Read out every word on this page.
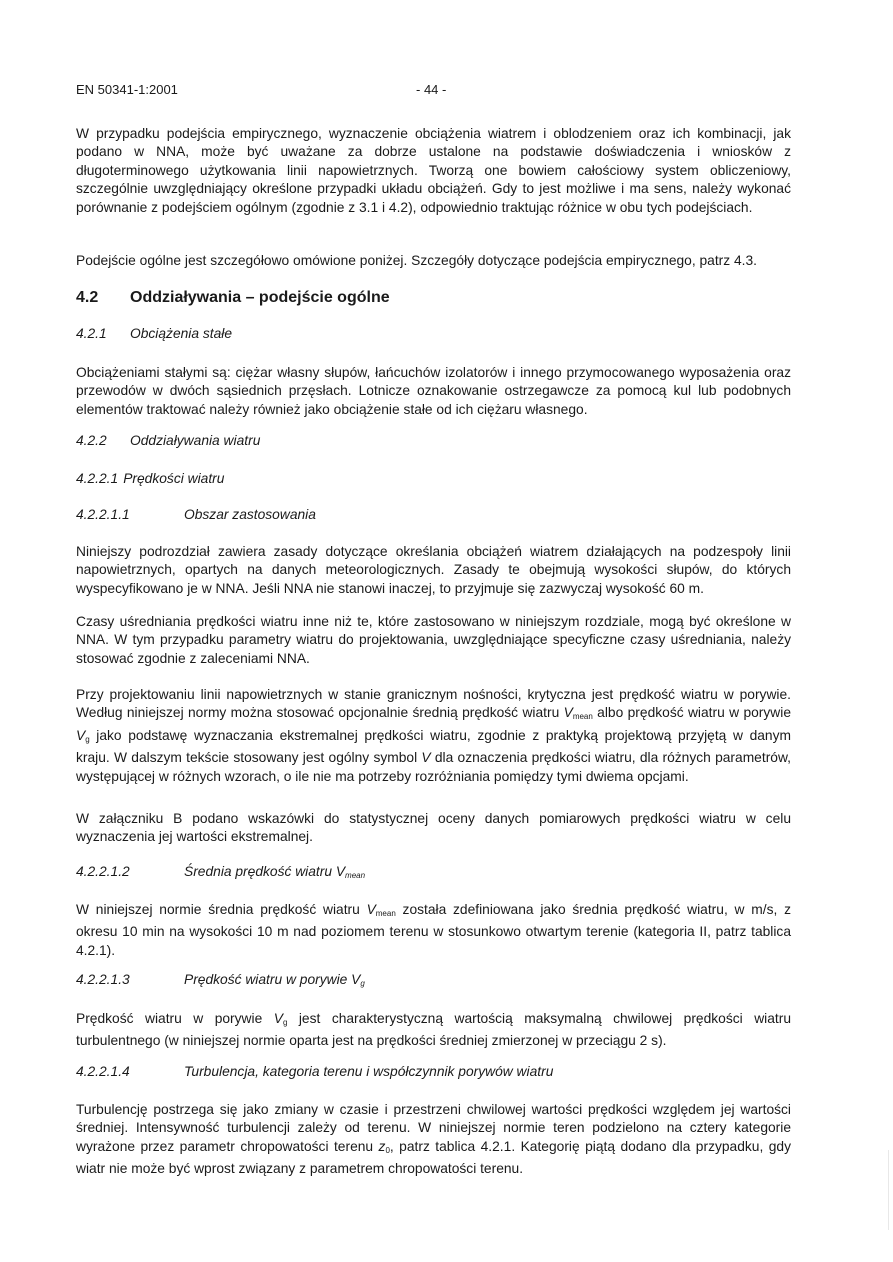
EN 50341-1:2001	- 44 -

W przypadku podejścia empirycznego, wyznaczenie obciążenia wiatrem i oblodzeniem oraz ich kombinacji, jak podano w NNA, może być uważane za dobrze ustalone na podstawie doświadczenia i wniosków z długoterminowego użytkowania linii napowietrznych. Tworzą one bowiem całościowy system obliczeniowy, szczególnie uwzględniający określone przypadki układu obciążeń. Gdy to jest możliwe i ma sens, należy wykonać porównanie z podejściem ogólnym (zgodnie z 3.1 i 4.2), odpowiednio traktując różnice w obu tych podejściach.

Podejście ogólne jest szczegółowo omówione poniżej. Szczegóły dotyczące podejścia empirycznego, patrz 4.3.

4.2 Oddziaływania – podejście ogólne
4.2.1 Obciążenia stałe

Obciążeniami stałymi są: ciężar własny słupów, łańcuchów izolatorów i innego przymocowanego wyposażenia oraz przewodów w dwóch sąsiednich przęsłach. Lotnicze oznakowanie ostrzegawcze za pomocą kul lub podobnych elementów traktować należy również jako obciążenie stałe od ich ciężaru własnego.

4.2.2 Oddziaływania wiatru
4.2.2.1 Prędkości wiatru
4.2.2.1.1	Obszar zastosowania

Niniejszy podrozdział zawiera zasady dotyczące określania obciążeń wiatrem działających na podzespoły linii napowietrznych, opartych na danych meteorologicznych. Zasady te obejmują wysokości słupów, do których wyspecyfikowano je w NNA. Jeśli NNA nie stanowi inaczej, to przyjmuje się zazwyczaj wysokość 60 m.

Czasy uśredniania prędkości wiatru inne niż te, które zastosowano w niniejszym rozdziale, mogą być określone w NNA. W tym przypadku parametry wiatru do projektowania, uwzględniające specyficzne czasy uśredniania, należy stosować zgodnie z zaleceniami NNA.

Przy projektowaniu linii napowietrznych w stanie granicznym nośności, krytyczna jest prędkość wiatru w porywie. Według niniejszej normy można stosować opcjonalnie średnią prędkość wiatru $V_{mean}$ albo prędkość wiatru w porywie $V_g$ jako podstawę wyznaczania ekstremalnej prędkości wiatru, zgodnie z praktyką projektową przyjętą w danym kraju. W dalszym tekście stosowany jest ogólny symbol V dla oznaczenia prędkości wiatru, dla różnych parametrów, występującej w różnych wzorach, o ile nie ma potrzeby rozróżniania pomiędzy tymi dwiema opcjami.

W załączniku B podano wskazówki do statystycznej oceny danych pomiarowych prędkości wiatru w celu wyznaczenia jej wartości ekstremalnej.

4.2.2.1.2	Średnia prędkość wiatru $V_{mean}$

W niniejszej normie średnia prędkość wiatru $V_{mean}$ została zdefiniowana jako średnia prędkość wiatru, w m/s, z okresu 10 min na wysokości 10 m nad poziomem terenu w stosunkowo otwartym terenie (kategoria II, patrz tablica 4.2.1).

4.2.2.1.3	Prędkość wiatru w porywie $V_g$

Prędkość wiatru w porywie $V_g$ jest charakterystyczną wartością maksymalną chwilowej prędkości wiatru turbulentnego (w niniejszej normie oparta jest na prędkości średniej zmierzonej w przeciągu 2 s).

4.2.2.1.4	Turbulencja, kategoria terenu i współczynnik porywów wiatru

Turbulencję postrzega się jako zmiany w czasie i przestrzeni chwilowej wartości prędkości względem jej wartości średniej. Intensywność turbulencji zależy od terenu. W niniejszej normie teren podzielono na cztery kategorie wyrażone przez parametr chropowatości terenu $z_0$, patrz tablica 4.2.1. Kategorię piątą dodano dla przypadku, gdy wiatr nie może być wprost związany z parametrem chropowatości terenu.
